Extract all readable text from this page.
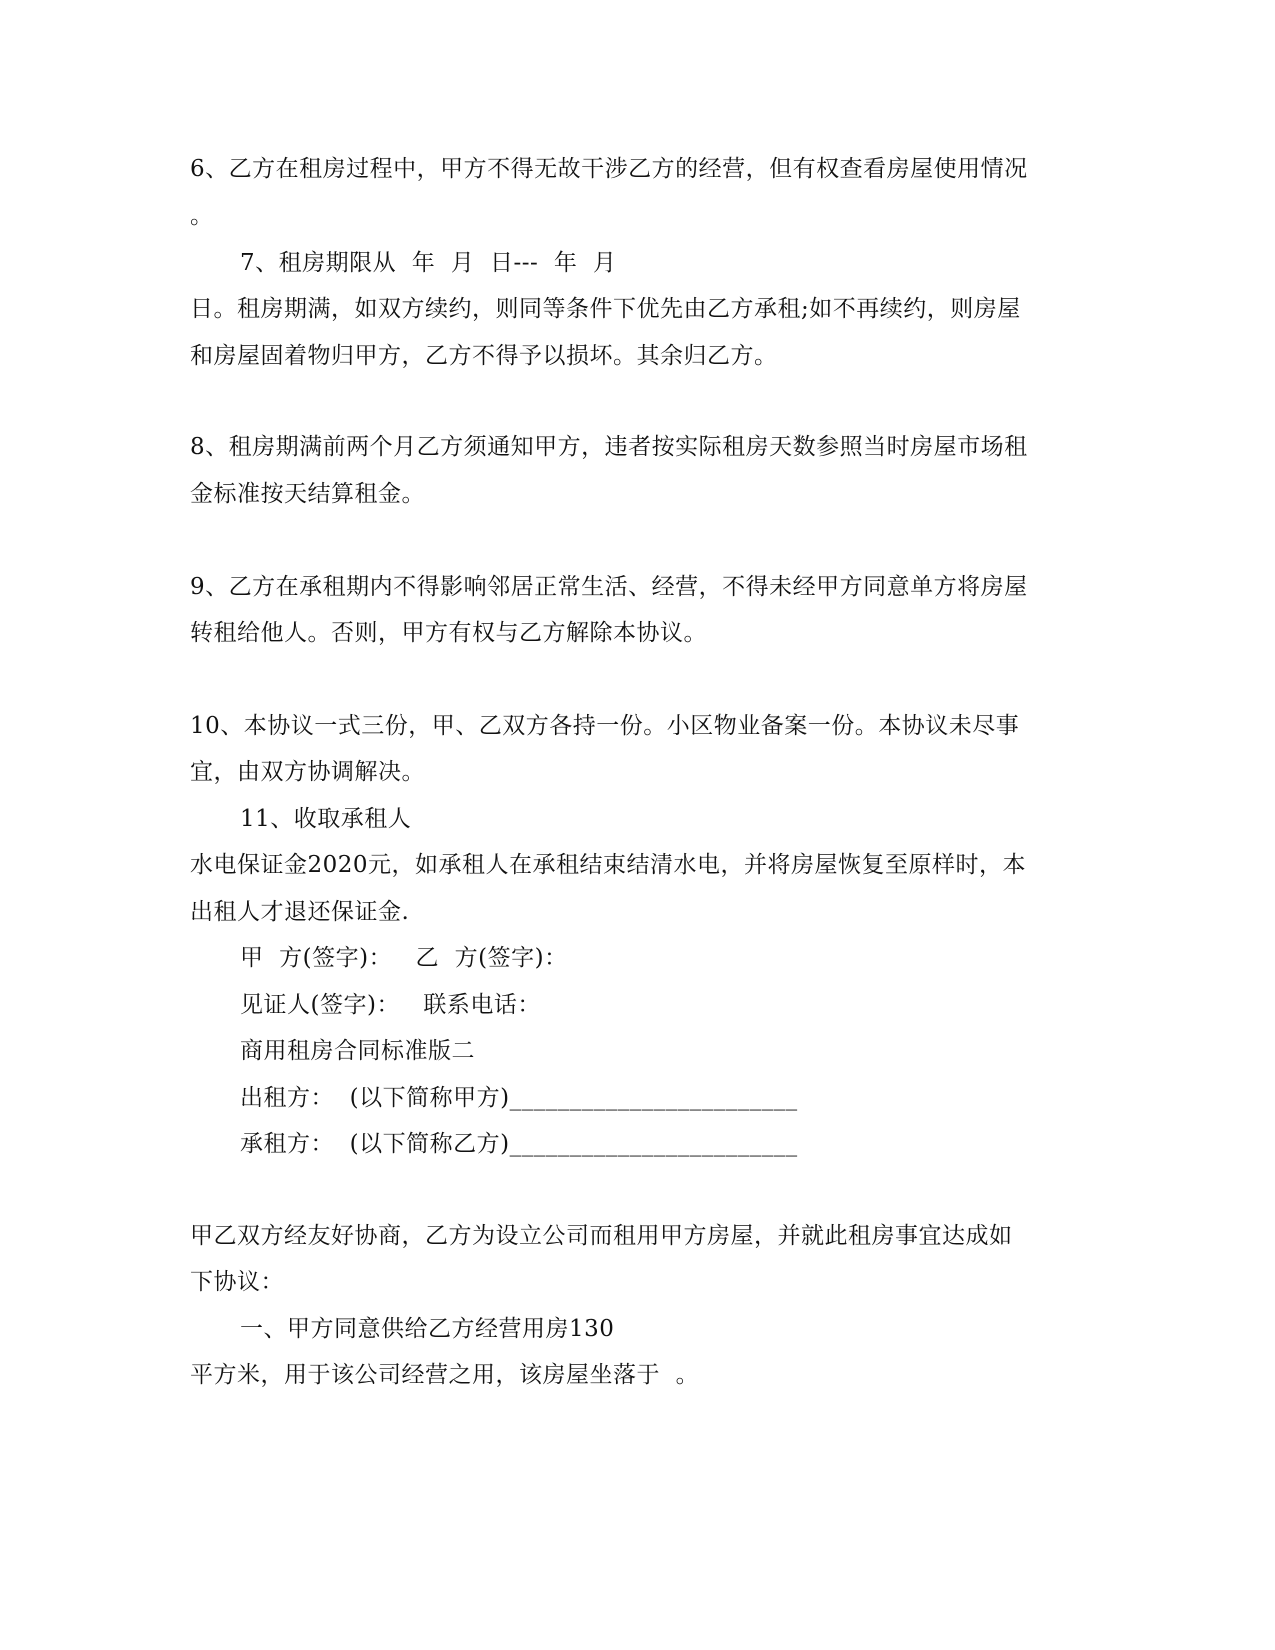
6、乙方在租房过程中，甲方不得无故干涉乙方的经营，但有权查看房屋使用情况
。
7、租房期限从  年  月  日---  年  月
日。租房期满，如双方续约，则同等条件下优先由乙方承租;如不再续约，则房屋
和房屋固着物归甲方，乙方不得予以损坏。其余归乙方。
8、租房期满前两个月乙方须通知甲方，违者按实际租房天数参照当时房屋市场租
金标准按天结算租金。
9、乙方在承租期内不得影响邻居正常生活、经营，不得未经甲方同意单方将房屋
转租给他人。否则，甲方有权与乙方解除本协议。
10、本协议一式三份，甲、乙双方各持一份。小区物业备案一份。本协议未尽事
宜，由双方协调解决。
11、收取承租人
水电保证金2020元，如承租人在承租结束结清水电，并将房屋恢复至原样时，本
出租人才退还保证金.
甲  方(签字)：   乙  方(签字)：
见证人(签字)：   联系电话：
商用租房合同标准版二
出租方：  (以下简称甲方)________________________
承租方：  (以下简称乙方)________________________
甲乙双方经友好协商，乙方为设立公司而租用甲方房屋，并就此租房事宜达成如
下协议：
一、甲方同意供给乙方经营用房130
平方米，用于该公司经营之用，该房屋坐落于  。
